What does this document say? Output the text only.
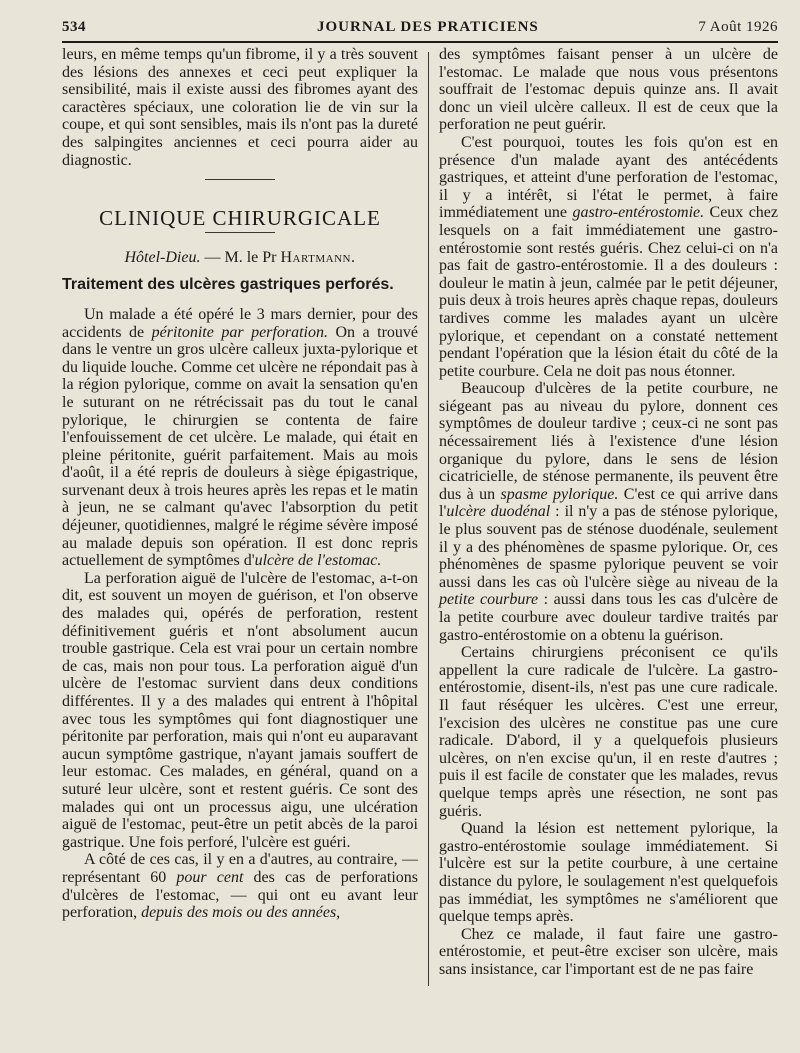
534	JOURNAL DES PRATICIENS	7 Août 1926

leurs, en même temps qu'un fibrome, il y a très souvent des lésions des annexes et ceci peut expliquer la sensibilité, mais il existe aussi des fibromes ayant des caractères spéciaux, une coloration lie de vin sur la coupe, et qui sont sensibles, mais ils n'ont pas la dureté des salpingites anciennes et ceci pourra aider au diagnostic.

CLINIQUE CHIRURGICALE
Hôtel-Dieu. — M. le Pr Hartmann.
Traitement des ulcères gastriques perforés.

Un malade a été opéré le 3 mars dernier, pour des accidents de péritonite par perforation. On a trouvé dans le ventre un gros ulcère calleux juxta-pylorique et du liquide louche. Comme cet ulcère ne répondait pas à la région pylorique, comme on avait la sensation qu'en le suturant on ne rétrécissait pas du tout le canal pylorique, le chirurgien se contenta de faire l'enfouissement de cet ulcère. Le malade, qui était en pleine péritonite, guérit parfaitement. Mais au mois d'août, il a été repris de douleurs à siège épigastrique, survenant deux à trois heures après les repas et le matin à jeun, ne se calmant qu'avec l'absorption du petit déjeuner, quotidiennes, malgré le régime sévère imposé au malade depuis son opération. Il est donc repris actuellement de symptômes d'ulcère de l'estomac.

La perforation aiguë de l'ulcère de l'estomac, a-t-on dit, est souvent un moyen de guérison, et l'on observe des malades qui, opérés de perforation, restent définitivement guéris et n'ont absolument aucun trouble gastrique. Cela est vrai pour un certain nombre de cas, mais non pour tous. La perforation aiguë d'un ulcère de l'estomac survient dans deux conditions différentes. Il y a des malades qui entrent à l'hôpital avec tous les symptômes qui font diagnostiquer une péritonite par perforation, mais qui n'ont eu auparavant aucun symptôme gastrique, n'ayant jamais souffert de leur estomac. Ces malades, en général, quand on a suturé leur ulcère, sont et restent guéris. Ce sont des malades qui ont un processus aigu, une ulcération aiguë de l'estomac, peut-être un petit abcès de la paroi gastrique. Une fois perforé, l'ulcère est guéri.

A côté de ces cas, il y en a d'autres, au contraire, — représentant 60 pour cent des cas de perforations d'ulcères de l'estomac, — qui ont eu avant leur perforation, depuis des mois ou des années,

des symptômes faisant penser à un ulcère de l'estomac. Le malade que nous vous présentons souffrait de l'estomac depuis quinze ans. Il avait donc un vieil ulcère calleux. Il est de ceux que la perforation ne peut guérir.

C'est pourquoi, toutes les fois qu'on est en présence d'un malade ayant des antécédents gastriques, et atteint d'une perforation de l'estomac, il y a intérêt, si l'état le permet, à faire immédiatement une gastro-entérostomie. Ceux chez lesquels on a fait immédiatement une gastro-entérostomie sont restés guéris. Chez celui-ci on n'a pas fait de gastro-entérostomie. Il a des douleurs : douleur le matin à jeun, calmée par le petit déjeuner, puis deux à trois heures après chaque repas, douleurs tardives comme les malades ayant un ulcère pylorique, et cependant on a constaté nettement pendant l'opération que la lésion était du côté de la petite courbure. Cela ne doit pas nous étonner.

Beaucoup d'ulcères de la petite courbure, ne siégeant pas au niveau du pylore, donnent ces symptômes de douleur tardive ; ceux-ci ne sont pas nécessairement liés à l'existence d'une lésion organique du pylore, dans le sens de lésion cicatricielle, de sténose permanente, ils peuvent être dus à un spasme pylorique. C'est ce qui arrive dans l'ulcère duodénal : il n'y a pas de sténose pylorique, le plus souvent pas de sténose duodénale, seulement il y a des phénomènes de spasme pylorique. Or, ces phénomènes de spasme pylorique peuvent se voir aussi dans les cas où l'ulcère siège au niveau de la petite courbure : aussi dans tous les cas d'ulcère de la petite courbure avec douleur tardive traités par gastro-entérostomie on a obtenu la guérison.

Certains chirurgiens préconisent ce qu'ils appellent la cure radicale de l'ulcère. La gastro-entérostomie, disent-ils, n'est pas une cure radicale. Il faut réséquer les ulcères. C'est une erreur, l'excision des ulcères ne constitue pas une cure radicale. D'abord, il y a quelquefois plusieurs ulcères, on n'en excise qu'un, il en reste d'autres ; puis il est facile de constater que les malades, revus quelque temps après une résection, ne sont pas guéris.

Quand la lésion est nettement pylorique, la gastro-entérostomie soulage immédiatement. Si l'ulcère est sur la petite courbure, à une certaine distance du pylore, le soulagement n'est quelquefois pas immédiat, les symptômes ne s'améliorent que quelque temps après.

Chez ce malade, il faut faire une gastro-entérostomie, et peut-être exciser son ulcère, mais sans insistance, car l'important est de ne pas faire
